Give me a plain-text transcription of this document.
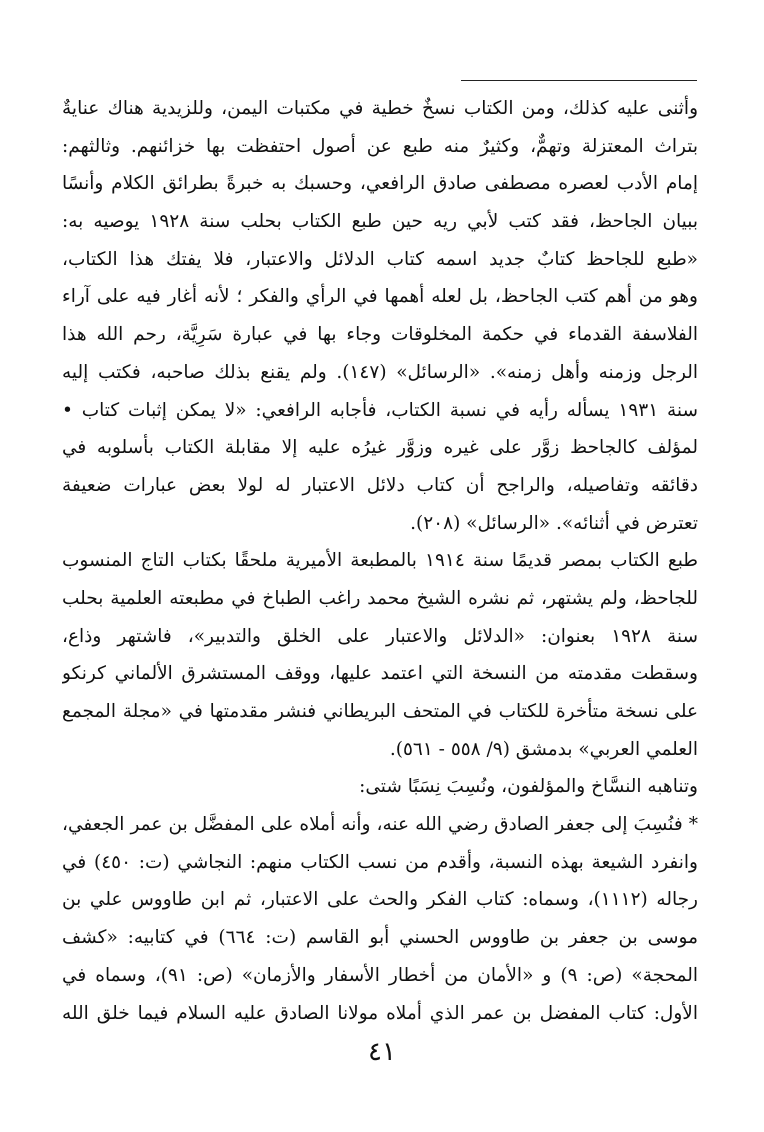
وأثنى عليه كذلك، ومن الكتاب نسخٌ خطية في مكتبات اليمن، وللزيدية هناك عنايةٌ
بتراث المعتزلة وتهمٌّ، وكثيرٌ منه طبع عن أصول احتفظت بها خزائنهم. وثالثهم:
إمام الأدب لعصره مصطفى صادق الرافعي، وحسبك به خبرةً بطرائق الكلام وأنسًا
ببيان الجاحظ، فقد كتب لأبي ريه حين طبع الكتاب بحلب سنة ١٩٢٨ يوصيه به:
«طبع للجاحظ كتابٌ جديد اسمه كتاب الدلائل والاعتبار، فلا يفتك هذا الكتاب،
وهو من أهم كتب الجاحظ، بل لعله أهمها في الرأي والفكر ؛ لأنه أغار فيه على آراء
الفلاسفة القدماء في حكمة المخلوقات وجاء بها في عبارة سَرِيَّة، رحم الله هذا
الرجل وزمنه وأهل زمنه». «الرسائل» (١٤٧). ولم يقنع بذلك صاحبه، فكتب إليه
سنة ١٩٣١ يسأله رأيه في نسبة الكتاب، فأجابه الرافعي: «لا يمكن إثبات كتاب •
لمؤلف كالجاحظ زوَّر على غيره وزوَّر غيرُه عليه إلا مقابلة الكتاب بأسلوبه في
دقائقه وتفاصيله، والراجح أن كتاب دلائل الاعتبار له لولا بعض عبارات ضعيفة
تعترض في أثنائه». «الرسائل» (٢٠٨).
طبع الكتاب بمصر قديمًا سنة ١٩١٤ بالمطبعة الأميرية ملحقًا بكتاب التاج المنسوب
للجاحظ، ولم يشتهر، ثم نشره الشيخ محمد راغب الطباخ في مطبعته العلمية بحلب
سنة ١٩٢٨ بعنوان: «الدلائل والاعتبار على الخلق والتدبير»، فاشتهر وذاع،
وسقطت مقدمته من النسخة التي اعتمد عليها، ووقف المستشرق الألماني كرنكو
على نسخة متأخرة للكتاب في المتحف البريطاني فنشر مقدمتها في «مجلة المجمع
العلمي العربي» بدمشق (٩/ ٥٥٨ - ٥٦١).
وتناهبه النسَّاخ والمؤلفون، ونُسِبَ نِسَبًا شتى:
* فنُسِبَ إلى جعفر الصادق رضي الله عنه، وأنه أملاه على المفضَّل بن عمر الجعفي،
وانفرد الشيعة بهذه النسبة، وأقدم من نسب الكتاب منهم: النجاشي (ت: ٤٥٠) في
رجاله (١١١٢)، وسماه: كتاب الفكر والحث على الاعتبار، ثم ابن طاووس علي بن
موسى بن جعفر بن طاووس الحسني أبو القاسم (ت: ٦٦٤) في كتابيه: «كشف
المحجة» (ص: ٩) و «الأمان من أخطار الأسفار والأزمان» (ص: ٩١)، وسماه في
الأول: كتاب المفضل بن عمر الذي أملاه مولانا الصادق عليه السلام فيما خلق الله
٤١
